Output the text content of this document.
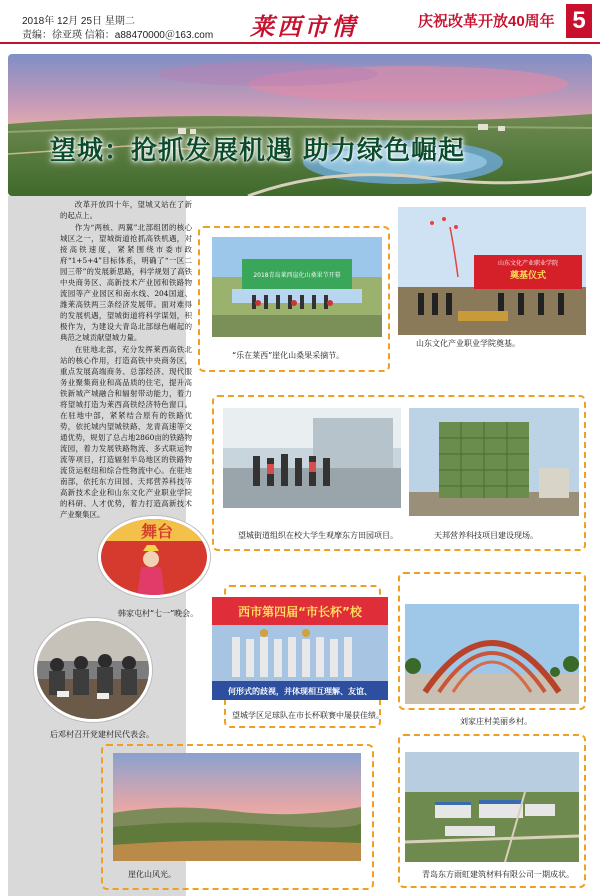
2018年 12月 25日 星期二
责编：徐亚瑛 信箱：a88470000＠163.com 莱西市情	庆祝改革开放40周年 5
望城：抢抓发展机遇 助力绿色崛起

改革开放四十年，望城又站在了新的起点上。

作为“两核、两翼”北部组团的核心城区之一，望城街道抢抓高铁机遇，对接高铁速度，紧紧围绕市委市政府“1+5+4”目标体系，明确了“一区二园三带”的发展新思路，科学规划了高铁中央商务区、高新技术产业园和铁路物流园等产业园区和南水线、204国道、潍莱高铁两三条经济发展带。面对难得的发展机遇，望城街道将科学谋划，积极作为，为建设大青岛北部绿色崛起的典范之城贡献望城力量。

在驻地北部，充分发挥莱西高铁北站的核心作用，打造高铁中央商务区，重点发展高端商务、总部经济、现代服务业聚集商业和高品质的住宅，提升高铁新城产城融合和辐射带动能力，着力将望城打造为莱西高铁经济特色窗口。在驻地中部，紧紧结合原有的铁路优势，依托城内望城铁路、龙青高速等交通优势，规划了总占地2860亩的铁路物流园，着力发展铁路物流、多式联运物流等项目，打造辐射半岛地区的铁路物流货运枢纽和综合性物流中心。在驻地南部，依托东方田园、天邦营养科技等高新技术企业和山东文化产业职业学院的科研、人才优势，着力打造高新技术产业聚集区。

2018青岛莱西崖化山桑果节开幕
“乐在莱西”崖化山桑果采摘节。
山东文化产业职业学院
奠基仪式
山东文化产业职业学院奠基。
望城街道组织在校大学生观摩东方田园项目。	天邦营养科技项目建设现场。
舞台
韩家屯村“七一”晚会。
后邓村召开党建村民代表会。
西市第四届“市长杯”校
何形式的歧视，并体现相互理解、友谊、
望城学区足球队在市长杯联赛中屡获佳绩。
刘家庄村美丽乡村。
崖化山风光。	青岛东方雨虹建筑材料有限公司一期成状。
